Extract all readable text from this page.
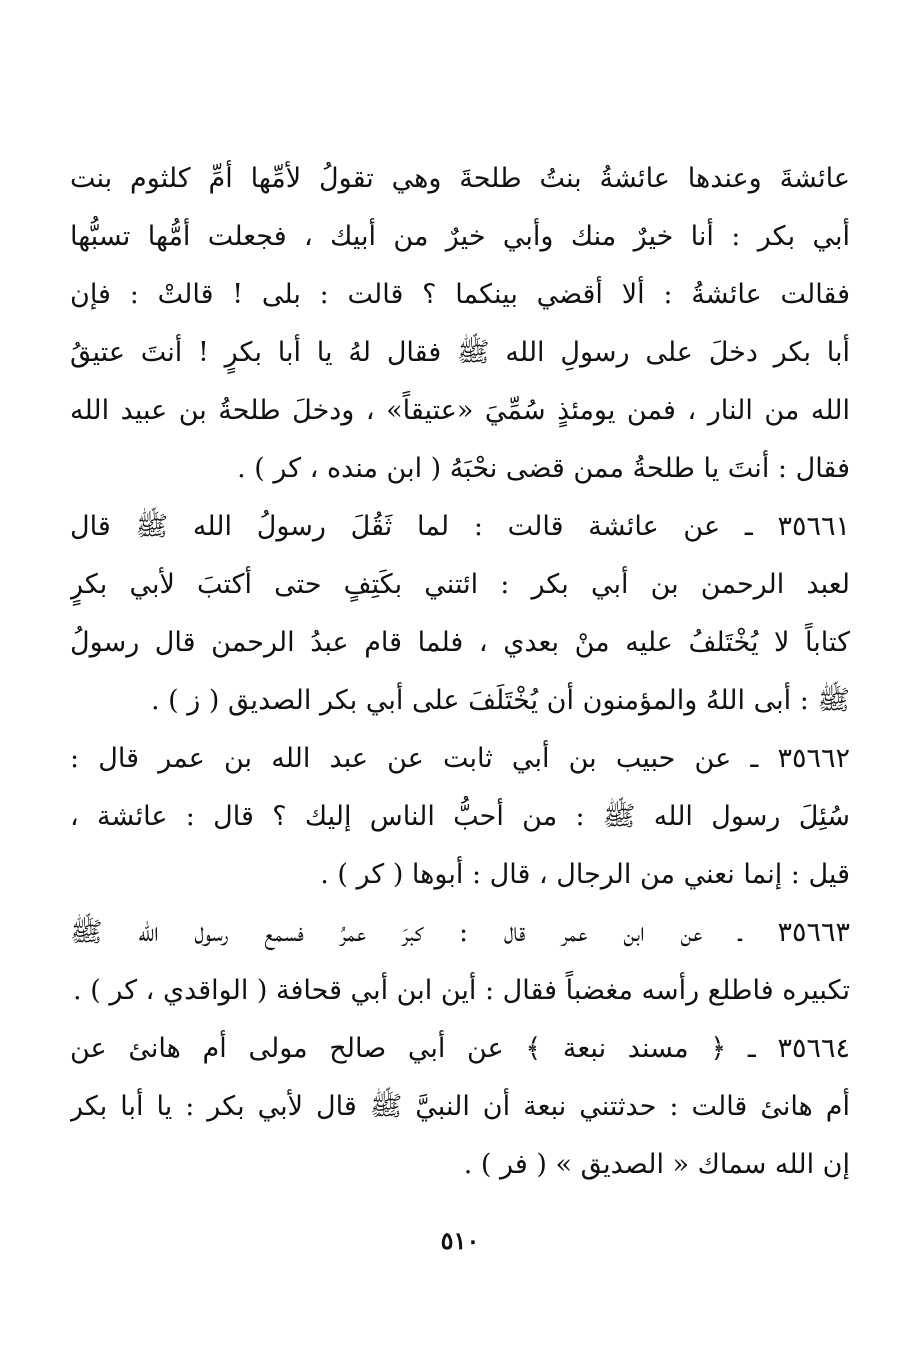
عائشةَ وعندها عائشةُ بنتُ طلحةَ وهي تقولُ لأمِّها أمِّ كلثوم بنت
أبي بكر : أنا خيرٌ منك وأبي خيرٌ من أبيك ، فجعلت أمُّها تسبُّها
فقالت عائشةُ : ألا أقضي بينكما ؟ قالت : بلى ! قالتْ : فإن
أبا بكر دخلَ على رسولِ الله ﷺ فقال لهُ يا أبا بكرٍ ! أنتَ عتيقُ
الله من النار ، فمن يومئذٍ سُمِّيَ «عتيقاً» ، ودخلَ طلحةُ بن عبيد الله
فقال : أنتَ يا طلحةُ ممن قضى نحْبَهُ ( ابن منده ، كر ) .
٣٥٦٦١ ـ عن عائشة قالت : لما ثَقُلَ رسولُ الله ﷺ قال
لعبد الرحمن بن أبي بكر : ائتني بكَتِفٍ حتى أكتبَ لأبي بكرٍ
كتاباً لا يُخْتَلفُ عليه منْ بعدي ، فلما قام عبدُ الرحمن قال رسولُ
ﷺ : أبى اللهُ والمؤمنون أن يُخْتَلَفَ على أبي بكر الصديق ( ز ) .
٣٥٦٦٢ ـ عن حبيب بن أبي ثابت عن عبد الله بن عمر قال :
سُئِلَ رسول الله ﷺ : من أحبُّ الناس إليك ؟ قال : عائشة ،
قيل : إنما نعني من الرجال ، قال : أبوها ( كر ) .
٣٥٦٦٣ ـ عن ابن عمر قال : كبرَ عمرُ فسمع رسول الله ﷺ
تكبيره فاطلع رأسه مغضباً فقال : أين ابن أبي قحافة ( الواقدي ، كر ) .
٣٥٦٦٤ ـ ﴿ مسند نبعة ﴾ عن أبي صالح مولى أم هانئ عن
أم هانئ قالت : حدثتني نبعة أن النبيَّ ﷺ قال لأبي بكر : يا أبا بكر
إن الله سماك « الصديق » ( فر ) .
٥١٠
